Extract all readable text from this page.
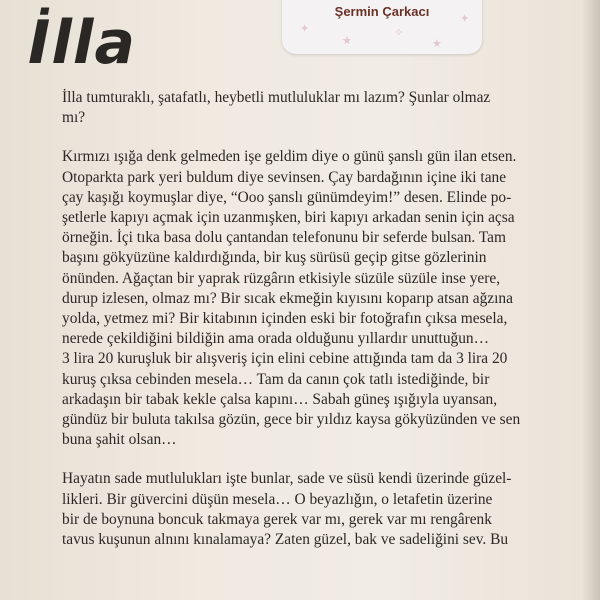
✦
★
✧
★
✦
Şermin Çarkacı
İlla

İlla tumturaklı, şatafatlı, heybetli mutluluklar mı lazım? Şunlar olmaz
mı?

Kırmızı ışığa denk gelmeden işe geldim diye o günü şanslı gün ilan etsen.
Otoparkta park yeri buldum diye sevinsen. Çay bardağının içine iki tane
çay kaşığı koymuşlar diye, “Ooo şanslı günümdeyim!” desen. Elinde po-
şetlerle kapıyı açmak için uzanmışken, biri kapıyı arkadan senin için açsa
örneğin. İçi tıka basa dolu çantandan telefonunu bir seferde bulsan. Tam
başını gökyüzüne kaldırdığında, bir kuş sürüsü geçip gitse gözlerinin
önünden. Ağaçtan bir yaprak rüzgârın etkisiyle süzüle süzüle inse yere,
durup izlesen, olmaz mı? Bir sıcak ekmeğin kıyısını koparıp atsan ağzına
yolda, yetmez mi? Bir kitabının içinden eski bir fotoğrafın çıksa mesela,
nerede çekildiğini bildiğin ama orada olduğunu yıllardır unuttuğun…
3 lira 20 kuruşluk bir alışveriş için elini cebine attığında tam da 3 lira 20
kuruş çıksa cebinden mesela… Tam da canın çok tatlı istediğinde, bir
arkadaşın bir tabak kekle çalsa kapını… Sabah güneş ışığıyla uyansan,
gündüz bir buluta takılsa gözün, gece bir yıldız kaysa gökyüzünden ve sen
buna şahit olsan…

Hayatın sade mutlulukları işte bunlar, sade ve süsü kendi üzerinde güzel-
likleri. Bir güvercini düşün mesela… O beyazlığın, o letafetin üzerine
bir de boynuna boncuk takmaya gerek var mı, gerek var mı rengârenk
tavus kuşunun alnını kınalamaya? Zaten güzel, bak ve sadeliğini sev. Bu
